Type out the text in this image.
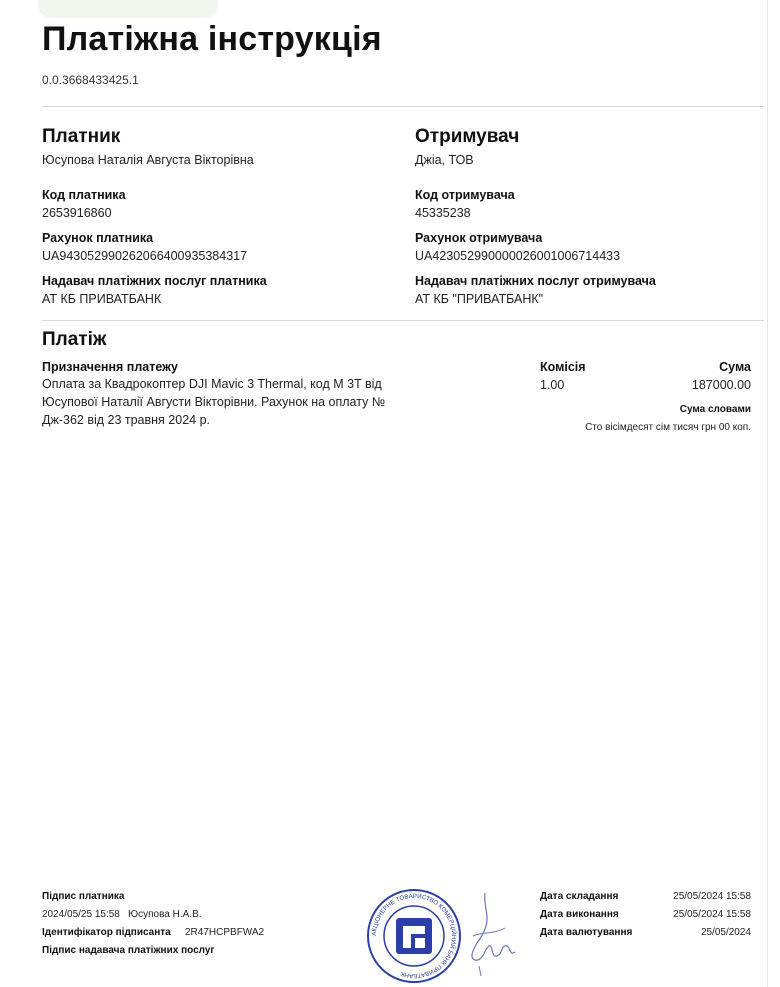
Платіжна інструкція
0.0.3668433425.1
Платник
Юсупова Наталія Августа Вікторівна
Код платника
2653916860
Рахунок платника
UA943052990262066400935384317
Надавач платіжних послуг платника
АТ КБ ПРИВАТБАНК
Отримувач
Джіа, ТОВ
Код отримувача
45335238
Рахунок отримувача
UA423052990000026001006714433
Надавач платіжних послуг отримувача
АТ КБ "ПРИВАТБАНК"
Платіж
Призначення платежу
Оплата за Квадрокоптер DJI Mavic 3 Thermal, код M 3T від Юсупової Наталії Августи Вікторівни. Рахунок на оплату № Дж-362 від 23 травня 2024 р.
Комісія
1.00
Сума
187000.00
Сума словами
Сто вісімдесят сім тисяч грн 00 коп.
Підпис платника
2024/05/25 15:58 Юсупова Н.А.В.
Ідентифікатор підписанта 2R47HCPBFWA2
Підпис надавача платіжних послуг
АКЦІОНЕРНЕ ТОВАРИСТВО КОМЕРЦІЙНИЙ БАНК ПРИВАТБАНК
Дата складання	25/05/2024 15:58
Дата виконання	25/05/2024 15:58
Дата валютування	25/05/2024
